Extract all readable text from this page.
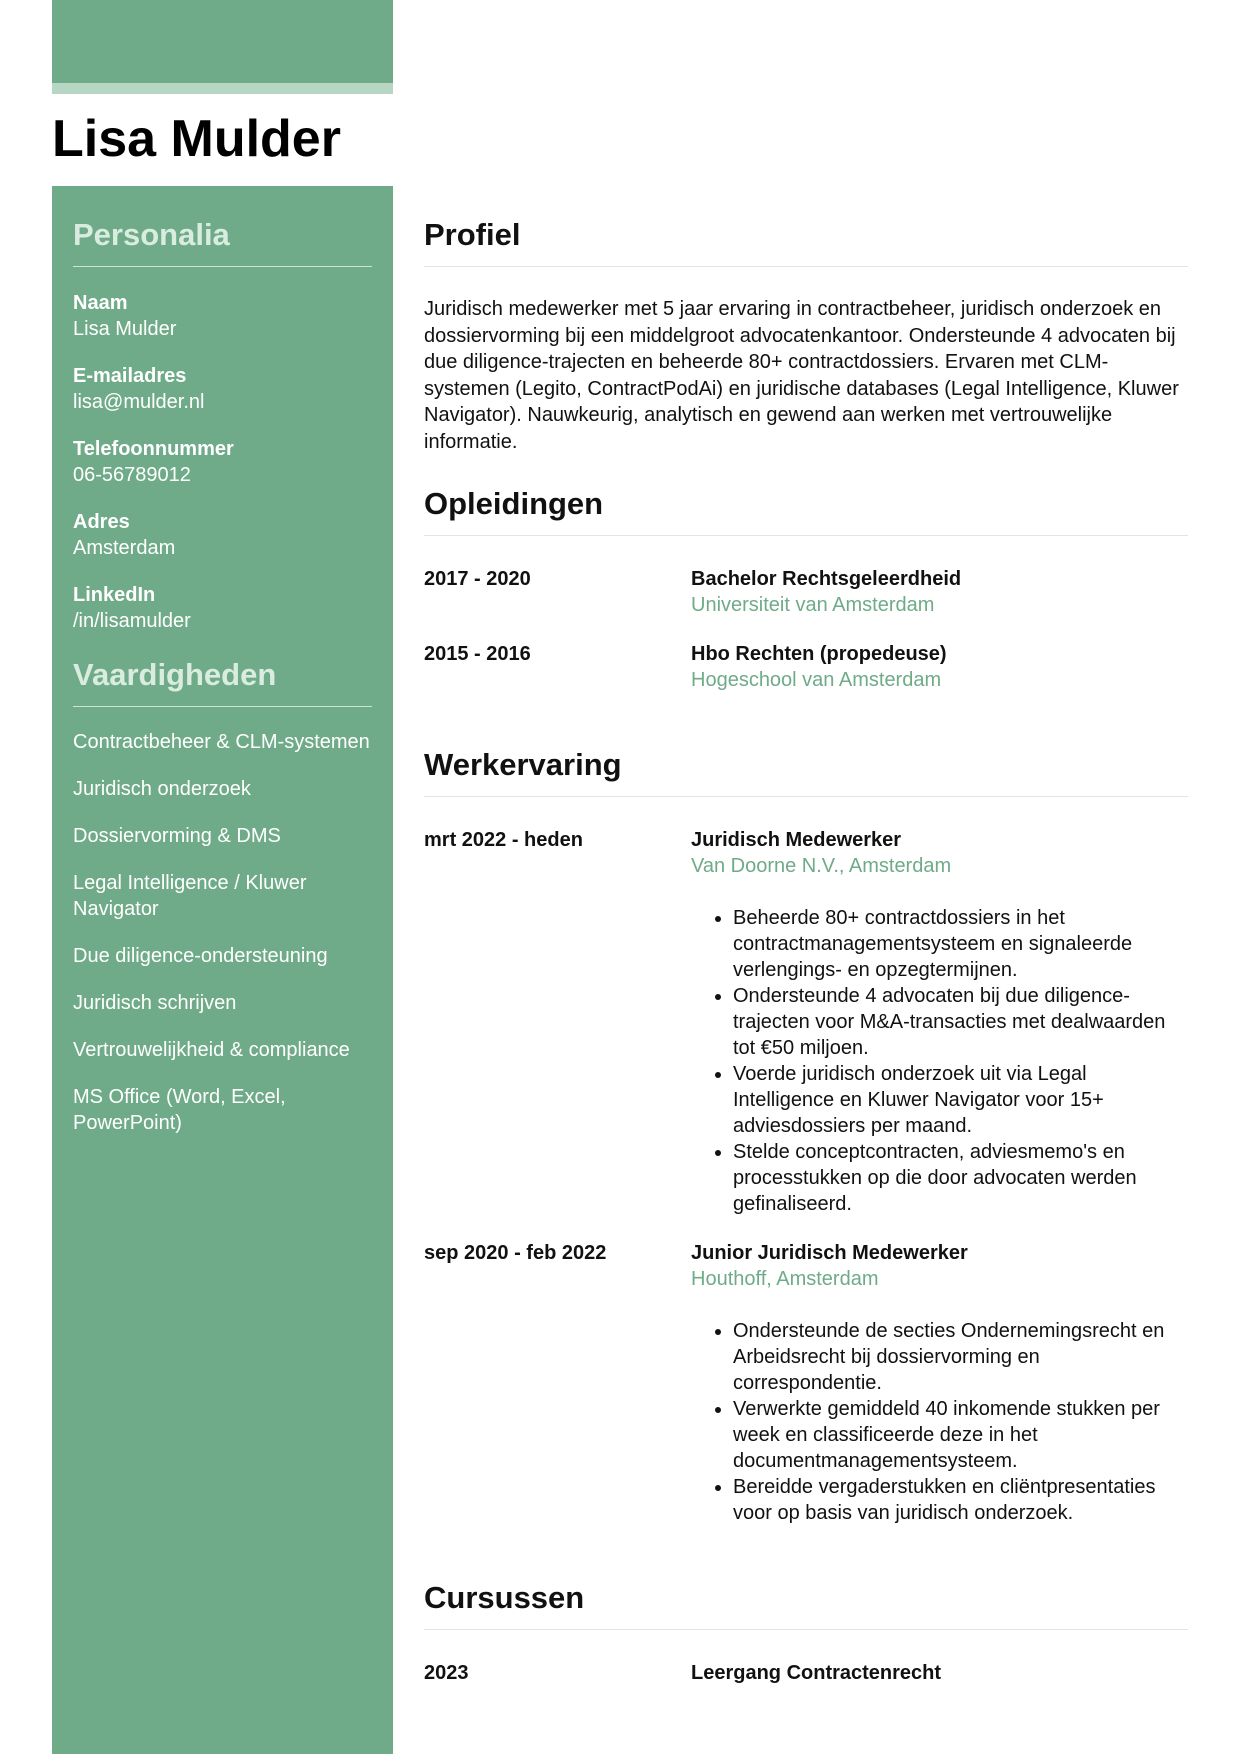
Lisa Mulder
Personalia
Naam
Lisa Mulder
E-mailadres
lisa@mulder.nl
Telefoonnummer
06-56789012
Adres
Amsterdam
LinkedIn
/in/lisamulder
Vaardigheden
Contractbeheer & CLM-systemen
Juridisch onderzoek
Dossiervorming & DMS
Legal Intelligence / Kluwer Navigator
Due diligence-ondersteuning
Juridisch schrijven
Vertrouwelijkheid & compliance
MS Office (Word, Excel, PowerPoint)
Profiel

Juridisch medewerker met 5 jaar ervaring in contractbeheer, juridisch onderzoek en dossiervorming bij een middelgroot advocatenkantoor. Ondersteunde 4 advocaten bij due diligence-trajecten en beheerde 80+ contractdossiers. Ervaren met CLM-systemen (Legito, ContractPodAi) en juridische databases (Legal Intelligence, Kluwer Navigator). Nauwkeurig, analytisch en gewend aan werken met vertrouwelijke informatie.

Opleidingen
2017 - 2020	Bachelor Rechtsgeleerdheid
Universiteit van Amsterdam
2015 - 2016	Hbo Rechten (propedeuse)
Hogeschool van Amsterdam
Werkervaring
mrt 2022 - heden	Juridisch Medewerker
Van Doorne N.V., Amsterdam
• Beheerde 80+ contractdossiers in het contractmanagementsysteem en signaleerde verlengings- en opzegtermijnen.
• Ondersteunde 4 advocaten bij due diligence-trajecten voor M&A-transacties met dealwaarden tot €50 miljoen.
• Voerde juridisch onderzoek uit via Legal Intelligence en Kluwer Navigator voor 15+ adviesdossiers per maand.
• Stelde conceptcontracten, adviesmemo's en processtukken op die door advocaten werden gefinaliseerd.
sep 2020 - feb 2022	Junior Juridisch Medewerker
Houthoff, Amsterdam
• Ondersteunde de secties Ondernemingsrecht en Arbeidsrecht bij dossiervorming en correspondentie.
• Verwerkte gemiddeld 40 inkomende stukken per week en classificeerde deze in het documentmanagementsysteem.
• Bereidde vergaderstukken en cliëntpresentaties voor op basis van juridisch onderzoek.
Cursussen
2023	Leergang Contractenrecht
